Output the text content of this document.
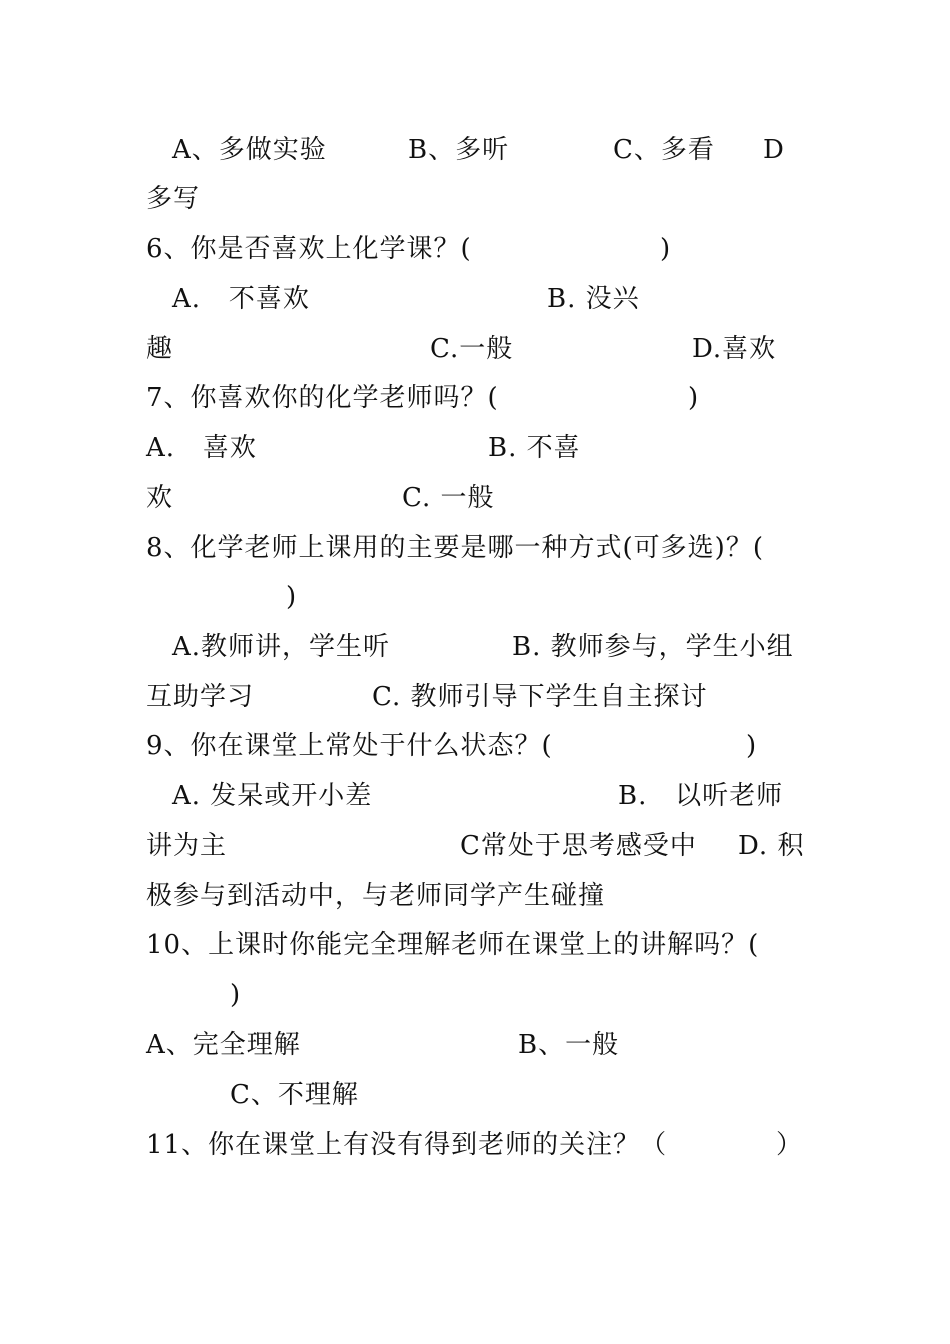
A、多做实验	B、多听	C、多看 D
多写
6、你是否喜欢上化学课？(	)
A.   不喜欢	B. 没兴
趣	C.一般	D.喜欢
7、你喜欢你的化学老师吗？(	)
A.   喜欢	B. 不喜
欢	C. 一般
8、化学老师上课用的主要是哪一种方式(可多选)？(
)
A.教师讲，学生听	B. 教师参与，学生小组
互助学习	C. 教师引导下学生自主探讨
9、你在课堂上常处于什么状态？(	)
A. 发呆或开小差	B.   以听老师
讲为主	C常处于思考感受中 D. 积
极参与到活动中，与老师同学产生碰撞
10、上课时你能完全理解老师在课堂上的讲解吗？(
)
A、完全理解	B、一般
C、不理解
11、你在课堂上有没有得到老师的关注？（	）
